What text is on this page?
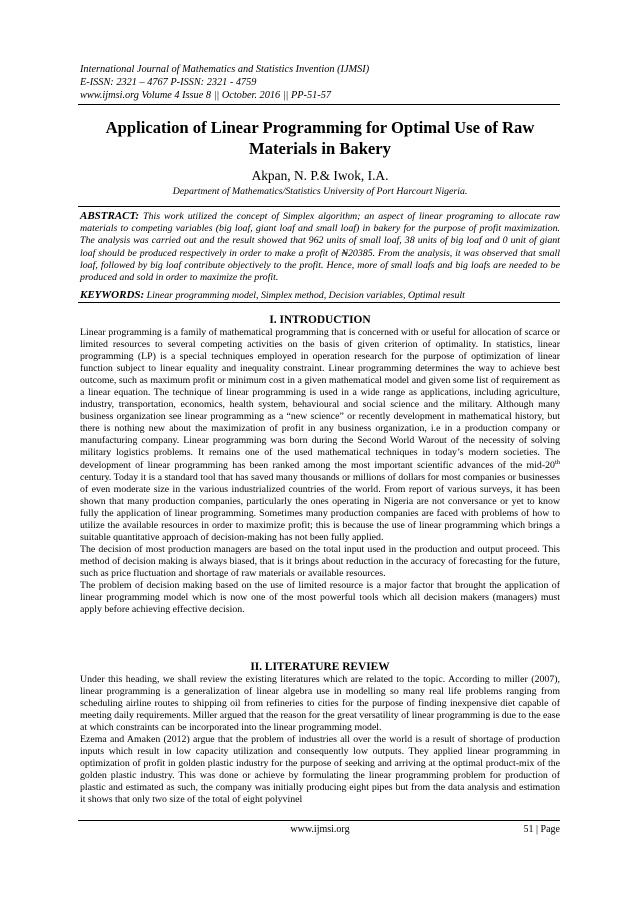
International Journal of Mathematics and Statistics Invention (IJMSI)
E-ISSN: 2321 – 4767 P-ISSN: 2321 - 4759
www.ijmsi.org Volume 4 Issue 8 || October. 2016 || PP-51-57
Application of Linear Programming for Optimal Use of Raw Materials in Bakery
Akpan, N. P.& Iwok, I.A.
Department of Mathematics/Statistics University of Port Harcourt Nigeria.
ABSTRACT: This work utilized the concept of Simplex algorithm; an aspect of linear programing to allocate raw materials to competing variables (big loaf, giant loaf and small loaf) in bakery for the purpose of profit maximization. The analysis was carried out and the result showed that 962 units of small loaf, 38 units of big loaf and 0 unit of giant loaf should be produced respectively in order to make a profit of ₦20385. From the analysis, it was observed that small loaf, followed by big loaf contribute objectively to the profit. Hence, more of small loafs and big loafs are needed to be produced and sold in order to maximize the profit.
KEYWORDS: Linear programming model, Simplex method, Decision variables, Optimal result
I. INTRODUCTION

Linear programming is a family of mathematical programming that is concerned with or useful for allocation of scarce or limited resources to several competing activities on the basis of given criterion of optimality. In statistics, linear programming (LP) is a special techniques employed in operation research for the purpose of optimization of linear function subject to linear equality and inequality constraint. Linear programming determines the way to achieve best outcome, such as maximum profit or minimum cost in a given mathematical model and given some list of requirement as a linear equation. The technique of linear programming is used in a wide range as applications, including agriculture, industry, transportation, economics, health system, behavioural and social science and the military. Although many business organization see linear programming as a “new science” or recently development in mathematical history, but there is nothing new about the maximization of profit in any business organization, i.e in a production company or manufacturing company. Linear programming was born during the Second World Warout of the necessity of solving military logistics problems. It remains one of the used mathematical techniques in today’s modern societies. The development of linear programming has been ranked among the most important scientific advances of the mid-20th century. Today it is a standard tool that has saved many thousands or millions of dollars for most companies or businesses of even moderate size in the various industrialized countries of the world. From report of various surveys, it has been shown that many production companies, particularly the ones operating in Nigeria are not conversance or yet to know fully the application of linear programming. Sometimes many production companies are faced with problems of how to utilize the available resources in order to maximize profit; this is because the use of linear programming which brings a suitable quantitative approach of decision-making has not been fully applied.

The decision of most production managers are based on the total input used in the production and output proceed. This method of decision making is always biased, that is it brings about reduction in the accuracy of forecasting for the future, such as price fluctuation and shortage of raw materials or available resources.

The problem of decision making based on the use of limited resource is a major factor that brought the application of linear programming model which is now one of the most powerful tools which all decision makers (managers) must apply before achieving effective decision.

II. LITERATURE REVIEW

Under this heading, we shall review the existing literatures which are related to the topic. According to miller (2007), linear programming is a generalization of linear algebra use in modelling so many real life problems ranging from scheduling airline routes to shipping oil from refineries to cities for the purpose of finding inexpensive diet capable of meeting daily requirements. Miller argued that the reason for the great versatility of linear programming is due to the ease at which constraints can be incorporated into the linear programming model.

Ezema and Amaken (2012) argue that the problem of industries all over the world is a result of shortage of production inputs which result in low capacity utilization and consequently low outputs. They applied linear programming in optimization of profit in golden plastic industry for the purpose of seeking and arriving at the optimal product-mix of the golden plastic industry. This was done or achieve by formulating the linear programming problem for production of plastic and estimated as such, the company was initially producing eight pipes but from the data analysis and estimation it shows that only two size of the total of eight polyvinel

www.ijmsi.org	51 | Page
